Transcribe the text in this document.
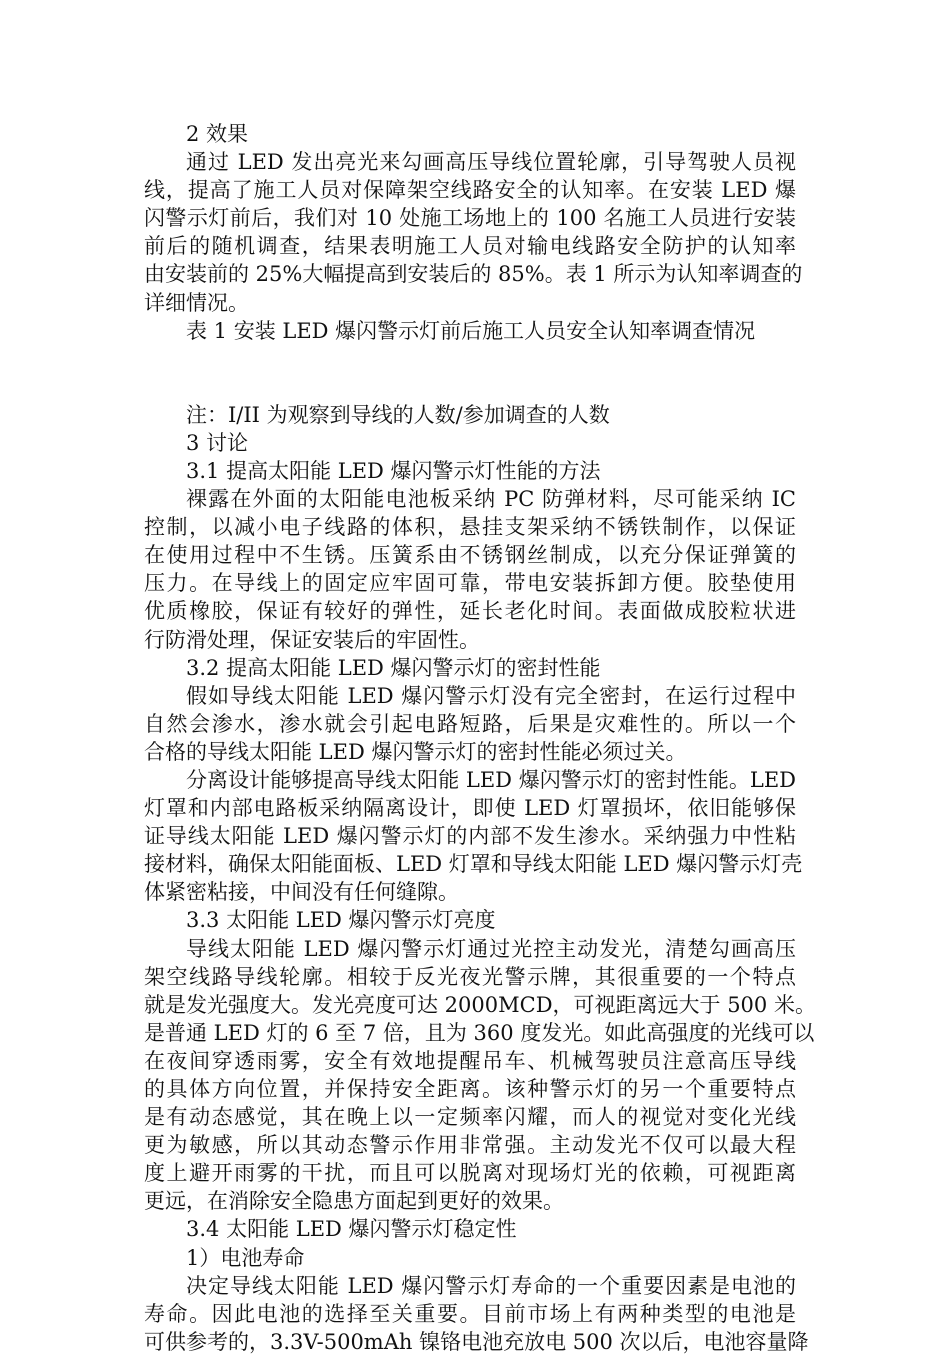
2 效果
通过 LED 发出亮光来勾画高压导线位置轮廓，引导驾驶人员视
线，提高了施工人员对保障架空线路安全的认知率。在安装 LED 爆
闪警示灯前后，我们对 10 处施工场地上的 100 名施工人员进行安装
前后的随机调查，结果表明施工人员对输电线路安全防护的认知率
由安装前的 25%大幅提高到安装后的 85%。表 1 所示为认知率调查的
详细情况。
表 1 安装 LED 爆闪警示灯前后施工人员安全认知率调查情况
注：I/II 为观察到导线的人数/参加调查的人数
3 讨论
3.1 提高太阳能 LED 爆闪警示灯性能的方法
裸露在外面的太阳能电池板采纳 PC 防弹材料，尽可能采纳 IC
控制，以减小电子线路的体积，悬挂支架采纳不锈铁制作，以保证
在使用过程中不生锈。压簧系由不锈钢丝制成，以充分保证弹簧的
压力。在导线上的固定应牢固可靠，带电安装拆卸方便。胶垫使用
优质橡胶，保证有较好的弹性，延长老化时间。表面做成胶粒状进
行防滑处理，保证安装后的牢固性。
3.2 提高太阳能 LED 爆闪警示灯的密封性能
假如导线太阳能 LED 爆闪警示灯没有完全密封，在运行过程中
自然会渗水，渗水就会引起电路短路，后果是灾难性的。所以一个
合格的导线太阳能 LED 爆闪警示灯的密封性能必须过关。
分离设计能够提高导线太阳能 LED 爆闪警示灯的密封性能。LED
灯罩和内部电路板采纳隔离设计，即使 LED 灯罩损坏，依旧能够保
证导线太阳能 LED 爆闪警示灯的内部不发生渗水。采纳强力中性粘
接材料，确保太阳能面板、LED 灯罩和导线太阳能 LED 爆闪警示灯壳
体紧密粘接，中间没有任何缝隙。
3.3 太阳能 LED 爆闪警示灯亮度
导线太阳能 LED 爆闪警示灯通过光控主动发光，清楚勾画高压
架空线路导线轮廓。相较于反光夜光警示牌，其很重要的一个特点
就是发光强度大。发光亮度可达 2000MCD，可视距离远大于 500 米。
是普通 LED 灯的 6 至 7 倍，且为 360 度发光。如此高强度的光线可以
在夜间穿透雨雾，安全有效地提醒吊车、机械驾驶员注意高压导线
的具体方向位置，并保持安全距离。该种警示灯的另一个重要特点
是有动态感觉，其在晚上以一定频率闪耀，而人的视觉对变化光线
更为敏感，所以其动态警示作用非常强。主动发光不仅可以最大程
度上避开雨雾的干扰，而且可以脱离对现场灯光的依赖，可视距离
更远，在消除安全隐患方面起到更好的效果。
3.4 太阳能 LED 爆闪警示灯稳定性
1）电池寿命
决定导线太阳能 LED 爆闪警示灯寿命的一个重要因素是电池的
寿命。因此电池的选择至关重要。目前市场上有两种类型的电池是
可供参考的，3.3V-500mAh 镍铬电池充放电 500 次以后，电池容量降
